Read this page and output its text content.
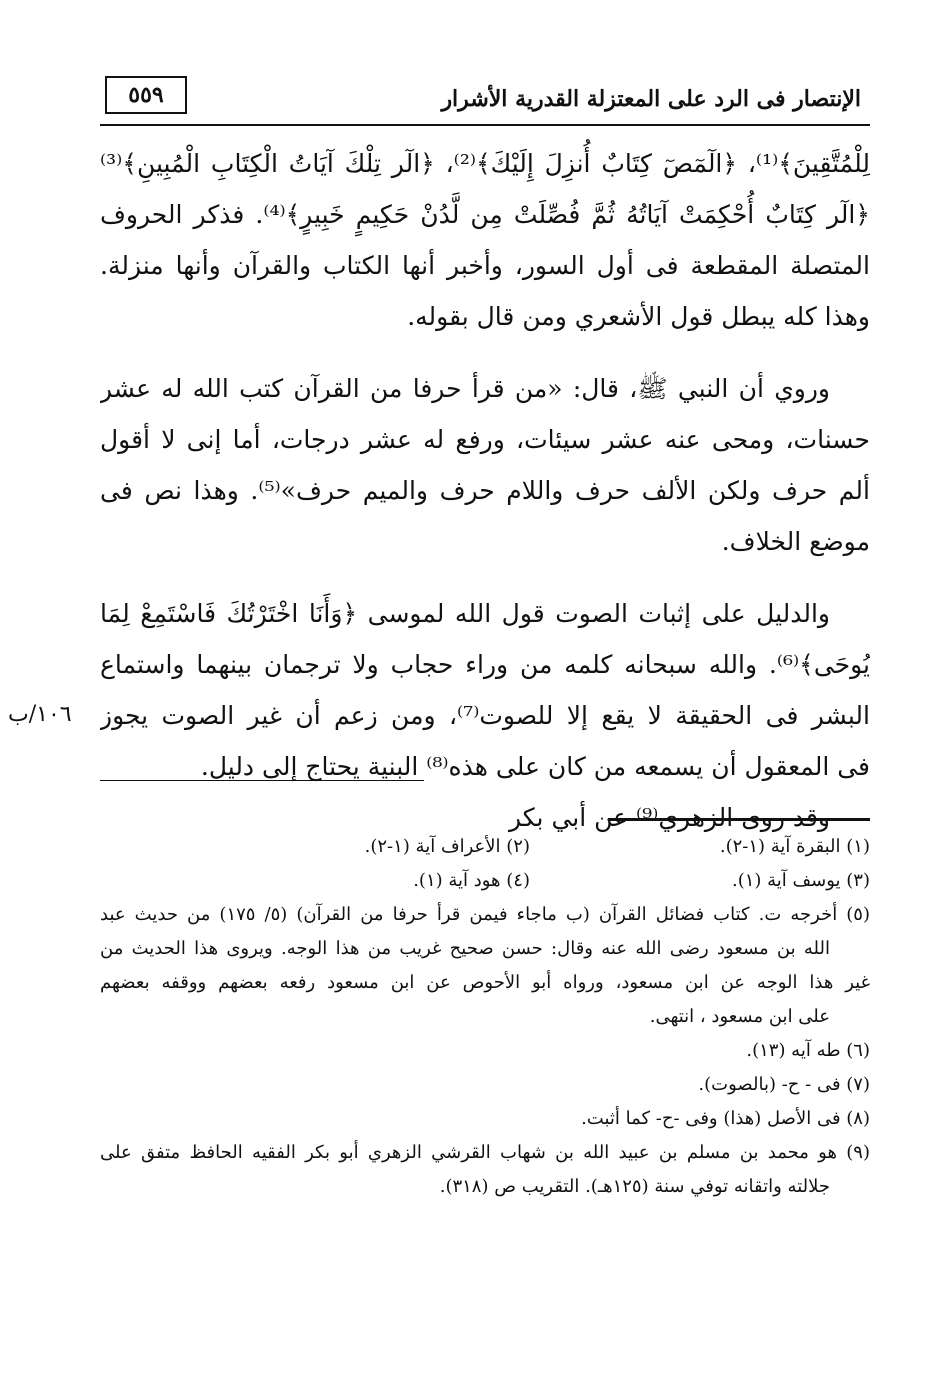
الإنتصار فى الرد على المعتزلة القدرية الأشرار
٥٥٩
لِلْمُتَّقِينَ﴾⁽¹⁾، ﴿الٓمٓصٓ كِتَابٌ أُنزِلَ إِلَيْكَ﴾⁽²⁾، ﴿الٓر تِلْكَ آيَاتُ الْكِتَابِ الْمُبِينِ﴾⁽³⁾
﴿الٓر كِتَابٌ أُحْكِمَتْ آيَاتُهُ ثُمَّ فُصِّلَتْ مِن لَّدُنْ حَكِيمٍ خَبِيرٍ﴾⁽⁴⁾. فذكر الحروف
المتصلة المقطعة فى أول السور، وأخبر أنها الكتاب والقرآن وأنها منزلة.
وهذا كله يبطل قول الأشعري ومن قال بقوله.
وروي أن النبي ﷺ، قال: «من قرأ حرفا من القرآن كتب الله له عشر
حسنات، ومحى عنه عشر سيئات، ورفع له عشر درجات، أما إنى لا أقول
ألم حرف ولكن الألف حرف واللام حرف والميم حرف»⁽⁵⁾. وهذا نص فى
موضع الخلاف.
والدليل على إثبات الصوت قول الله لموسى ﴿وَأَنَا اخْتَرْتُكَ فَاسْتَمِعْ لِمَا
يُوحَى﴾⁽⁶⁾. والله سبحانه كلمه من وراء حجاب ولا ترجمان بينهما واستماع
البشر فى الحقيقة لا يقع إلا للصوت⁽⁷⁾، ومن زعم أن غير الصوت يجوز
فى المعقول أن يسمعه من كان على هذه⁽⁸⁾ البنية يحتاج إلى دليل.
وقد روى الزهري⁽⁹⁾ عن أبي بكر
١٠٦/ب
(١) البقرة آية (١-٢).
(٢) الأعراف آية (١-٢).
(٣) يوسف آية (١).
(٤) هود آية (١).
(٥) أخرجه ت. كتاب فضائل القرآن (ب ماجاء فيمن قرأ حرفا من القرآن) (٥/ ١٧٥) من حديث عبد
الله بن مسعود رضى الله عنه وقال: حسن صحيح غريب من هذا الوجه. ويروى هذا الحديث من
غير هذا الوجه عن ابن مسعود، ورواه أبو الأحوص عن ابن مسعود رفعه بعضهم ووقفه بعضهم
على ابن مسعود ، انتهى.
(٦) طه آيه (١٣).
(٧) فى - ح- (بالصوت).
(٨) فى الأصل (هذا) وفى -ح- كما أثبت.
(٩) هو محمد بن مسلم بن عبيد الله بن شهاب القرشي الزهري أبو بكر الفقيه الحافظ متفق على
جلالته واتقانه توفي سنة (١٢٥هـ). التقريب ص (٣١٨).
